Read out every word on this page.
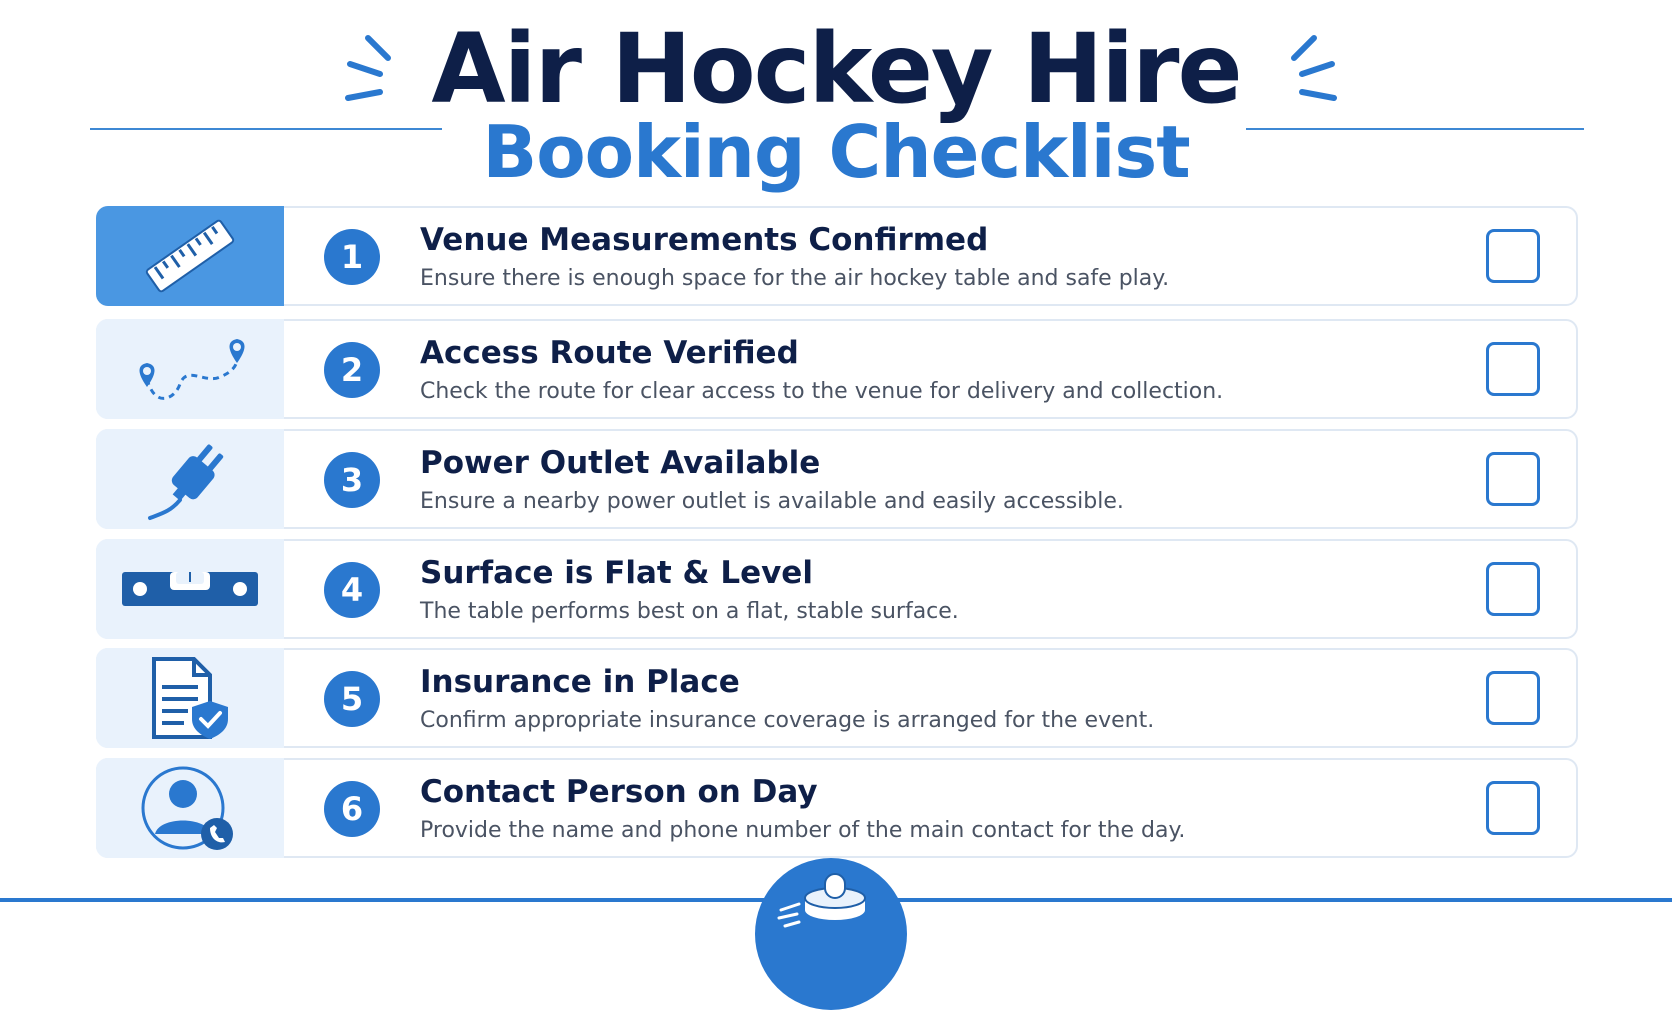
Air Hockey Hire
Booking Checklist
1	Venue Measurements Confirmed
Ensure there is enough space for the air hockey table and safe play.
2	Access Route Verified
Check the route for clear access to the venue for delivery and collection.
3	Power Outlet Available
Ensure a nearby power outlet is available and easily accessible.
4	Surface is Flat & Level
The table performs best on a flat, stable surface.
5	Insurance in Place
Confirm appropriate insurance coverage is arranged for the event.
6	Contact Person on Day
Provide the name and phone number of the main contact for the day.
